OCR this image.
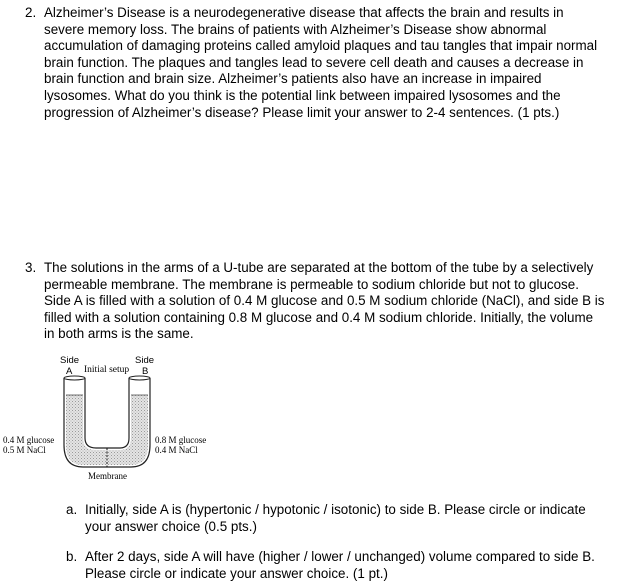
2. Alzheimer’s Disease is a neurodegenerative disease that affects the brain and results in
severe memory loss. The brains of patients with Alzheimer’s Disease show abnormal
accumulation of damaging proteins called amyloid plaques and tau tangles that impair normal
brain function. The plaques and tangles lead to severe cell death and causes a decrease in
brain function and brain size. Alzheimer’s patients also have an increase in impaired
lysosomes. What do you think is the potential link between impaired lysosomes and the
progression of Alzheimer’s disease? Please limit your answer to 2-4 sentences. (1 pts.)
3. The solutions in the arms of a U-tube are separated at the bottom of the tube by a selectively
permeable membrane. The membrane is permeable to sodium chloride but not to glucose.
Side A is filled with a solution of 0.4 M glucose and 0.5 M sodium chloride (NaCl), and side B is
filled with a solution containing 0.8 M glucose and 0.4 M sodium chloride. Initially, the volume
in both arms is the same.
Side
A
Side
B
Initial setup
0.4 M glucose
0.5 M NaCl
0.8 M glucose
0.4 M NaCl
Membrane
a. Initially, side A is (hypertonic / hypotonic / isotonic) to side B. Please circle or indicate
your answer choice (0.5 pts.)
b. After 2 days, side A will have (higher / lower / unchanged) volume compared to side B.
Please circle or indicate your answer choice. (1 pt.)
